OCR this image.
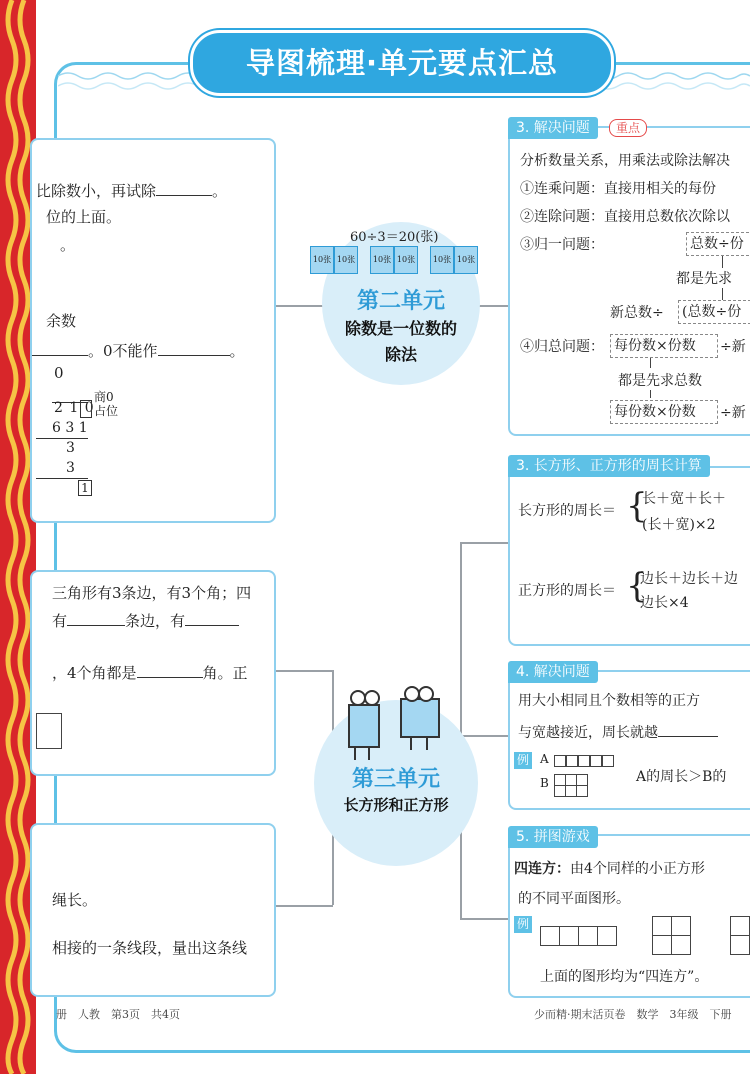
导图梳理·单元要点汇总
比除数小，再试除	。
位的上面。
。
余数
。0不能作	。
0
2 1 0
6 3 1
3
3
1
商0
占位
三角形有3条边，有3个角；四
有	条边，有
，4个角都是	角。正
绳长。
相接的一条线段，量出这条线
60÷3＝20(张)
10张 10张	10张 10张	10张 10张
第二单元
除数是一位数的
除法
第三单元
长方形和正方形
分析数量关系，用乘法或除法解决
①连乘问题：直接用相关的每份
②连除问题：直接用总数依次除以
③归一问题：	总数÷份
都是先求
新总数÷ (总数÷份
④归总问题： 每份数×份数	÷新
都是先求总数
每份数×份数	÷新
3. 解决问题	重点
长方形的周长＝ {
长＋宽＋长＋
(长＋宽)×2
正方形的周长＝ {
边长＋边长＋边
边长×4
3. 长方形、正方形的周长计算
用大小相同且个数相等的正方
与宽越接近，周长就越
例 A
B	A的周长＞B的
4. 解决问题
四连方：由4个同样的小正方形
的不同平面图形。
例
上面的图形均为“四连方”。
5. 拼图游戏
册　人教　第3页　共4页	少而精·期末活页卷　数学　3年级　下册
